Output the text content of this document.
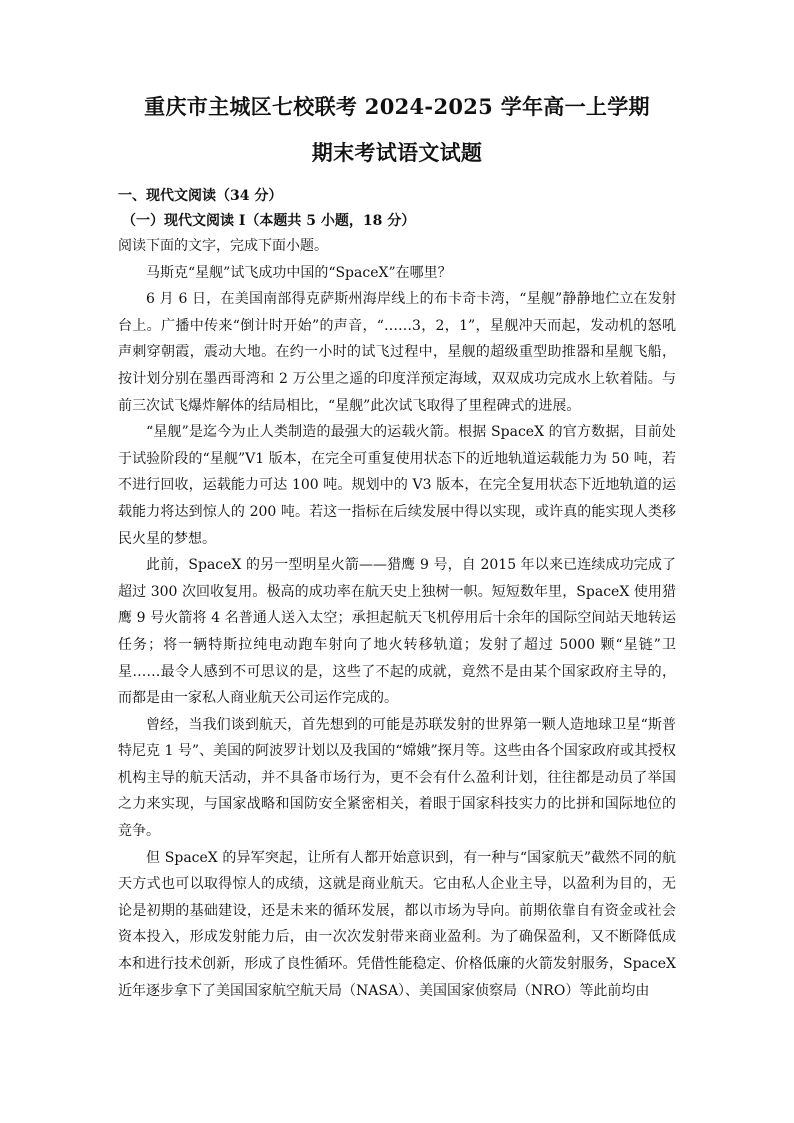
重庆市主城区七校联考 2024-2025 学年高一上学期
期末考试语文试题
一、现代文阅读（34 分）
（一）现代文阅读 I（本题共 5 小题，18 分）

阅读下面的文字，完成下面小题。

马斯克“星舰”试飞成功中国的“SpaceX”在哪里？

6 月 6 日，在美国南部得克萨斯州海岸线上的布卡奇卡湾，“星舰”静静地伫立在发射台上。广播中传来“倒计时开始”的声音，“……3，2，1”，星舰冲天而起，发动机的怒吼声刺穿朝霞，震动大地。在约一小时的试飞过程中，星舰的超级重型助推器和星舰飞船，按计划分别在墨西哥湾和 2 万公里之遥的印度洋预定海域，双双成功完成水上软着陆。与前三次试飞爆炸解体的结局相比，“星舰”此次试飞取得了里程碑式的进展。

“星舰”是迄今为止人类制造的最强大的运载火箭。根据 SpaceX 的官方数据，目前处于试验阶段的“星舰”V1 版本，在完全可重复使用状态下的近地轨道运载能力为 50 吨，若不进行回收，运载能力可达 100 吨。规划中的 V3 版本，在完全复用状态下近地轨道的运载能力将达到惊人的 200 吨。若这一指标在后续发展中得以实现，或许真的能实现人类移民火星的梦想。

此前，SpaceX 的另一型明星火箭——猎鹰 9 号，自 2015 年以来已连续成功完成了超过 300 次回收复用。极高的成功率在航天史上独树一帜。短短数年里，SpaceX 使用猎鹰 9 号火箭将 4 名普通人送入太空；承担起航天飞机停用后十余年的国际空间站天地转运任务；将一辆特斯拉纯电动跑车射向了地火转移轨道；发射了超过 5000 颗“星链”卫星……最令人感到不可思议的是，这些了不起的成就，竟然不是由某个国家政府主导的，而都是由一家私人商业航天公司运作完成的。

曾经，当我们谈到航天，首先想到的可能是苏联发射的世界第一颗人造地球卫星“斯普特尼克 1 号”、美国的阿波罗计划以及我国的“嫦娥”探月等。这些由各个国家政府或其授权机构主导的航天活动，并不具备市场行为，更不会有什么盈利计划，往往都是动员了举国之力来实现，与国家战略和国防安全紧密相关，着眼于国家科技实力的比拼和国际地位的竞争。

但 SpaceX 的异军突起，让所有人都开始意识到，有一种与“国家航天”截然不同的航天方式也可以取得惊人的成绩，这就是商业航天。它由私人企业主导，以盈利为目的，无论是初期的基础建设，还是未来的循环发展，都以市场为导向。前期依靠自有资金或社会资本投入，形成发射能力后，由一次次发射带来商业盈利。为了确保盈利，又不断降低成本和进行技术创新，形成了良性循环。凭借性能稳定、价格低廉的火箭发射服务，SpaceX 近年逐步拿下了美国国家航空航天局（NASA）、美国国家侦察局（NRO）等此前均由
